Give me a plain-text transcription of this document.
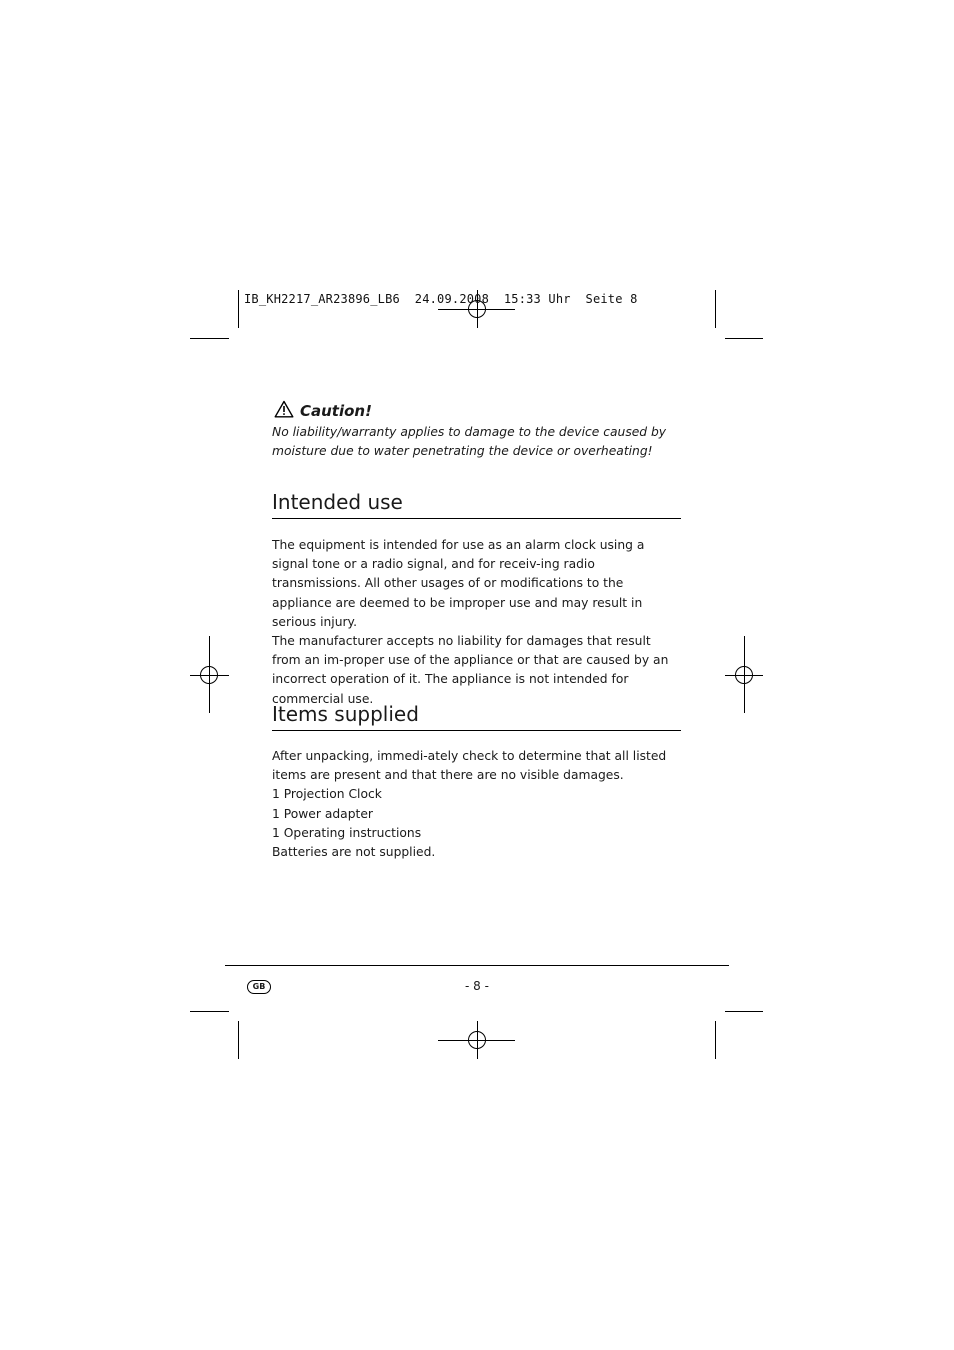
IB_KH2217_AR23896_LB6  24.09.2008  15:33 Uhr  Seite 8
Caution!
No liability/warranty applies to damage to the device caused by moisture due to water penetrating the device or overheating!
Intended use

The equipment is intended for use as an alarm clock using a signal tone or a radio signal, and for receiv-ing radio transmissions. All other usages of or modifications to the appliance are deemed to be improper use and may result in serious injury.

The manufacturer accepts no liability for damages that result from an im-proper use of the appliance or that are caused by an incorrect operation of it. The appliance is not intended for commercial use.

Items supplied

After unpacking, immedi-ately check to determine that all listed items are present and that there are no visible damages.

1 Projection Clock

1 Power adapter

1 Operating instructions

Batteries are not supplied.

GB	- 8 -
